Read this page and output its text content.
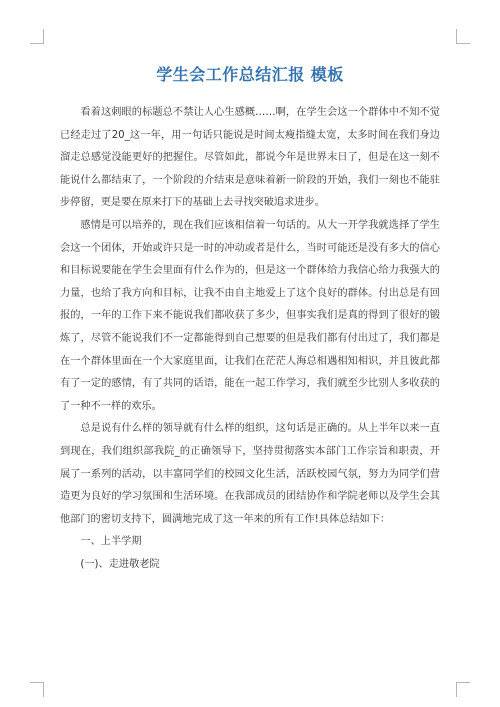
学生会工作总结汇报 模板

看着这刺眼的标题总不禁让人心生感概……啊，在学生会这一个群体中不知不觉已经走过了20_这一年，用一句话只能说是时间太瘦指缝太宽，太多时间在我们身边溜走总感觉没能更好的把握住。尽管如此，都说今年是世界末日了，但是在这一刻不能说什么都结束了，一个阶段的介结束是意味着新一阶段的开始，我们一刻也不能驻步停留，更是要在原来打下的基础上去寻找突破追求进步。

感情是可以培养的，现在我们应该相信着一句话的。从大一开学我就选择了学生会这一个团体，开始或许只是一时的冲动或者是什么，当时可能还是没有多大的信心和目标说要能在学生会里面有什么作为的，但是这一个群体给力我信心给力我强大的力量，也给了我方向和目标，让我不由自主地爱上了这个良好的群体。付出总是有回报的，一年的工作下来不能说我们都收获了多少，但事实我们是真的得到了很好的锻炼了，尽管不能说我们不一定都能得到自己想要的但是我们都有付出过了，我们都是在一个群体里面在一个大家庭里面，让我们在茫茫人海总相遇相知相识，并且彼此都有了一定的感情，有了共同的话语，能在一起工作学习，我们就至少比别人多收获的了一种不一样的欢乐。

总是说有什么样的领导就有什么样的组织，这句话是正确的。从上半年以来一直到现在，我们组织部我院_的正确领导下，坚持贯彻落实本部门工作宗旨和职责，开展了一系列的活动，以丰富同学们的校园文化生活，活跃校园气氛，努力为同学们营造更为良好的学习氛围和生活环境。在我部成员的团结协作和学院老师以及学生会其他部门的密切支持下，圆满地完成了这一年来的所有工作!具体总结如下：

一、上半学期

(一)、走进敬老院
